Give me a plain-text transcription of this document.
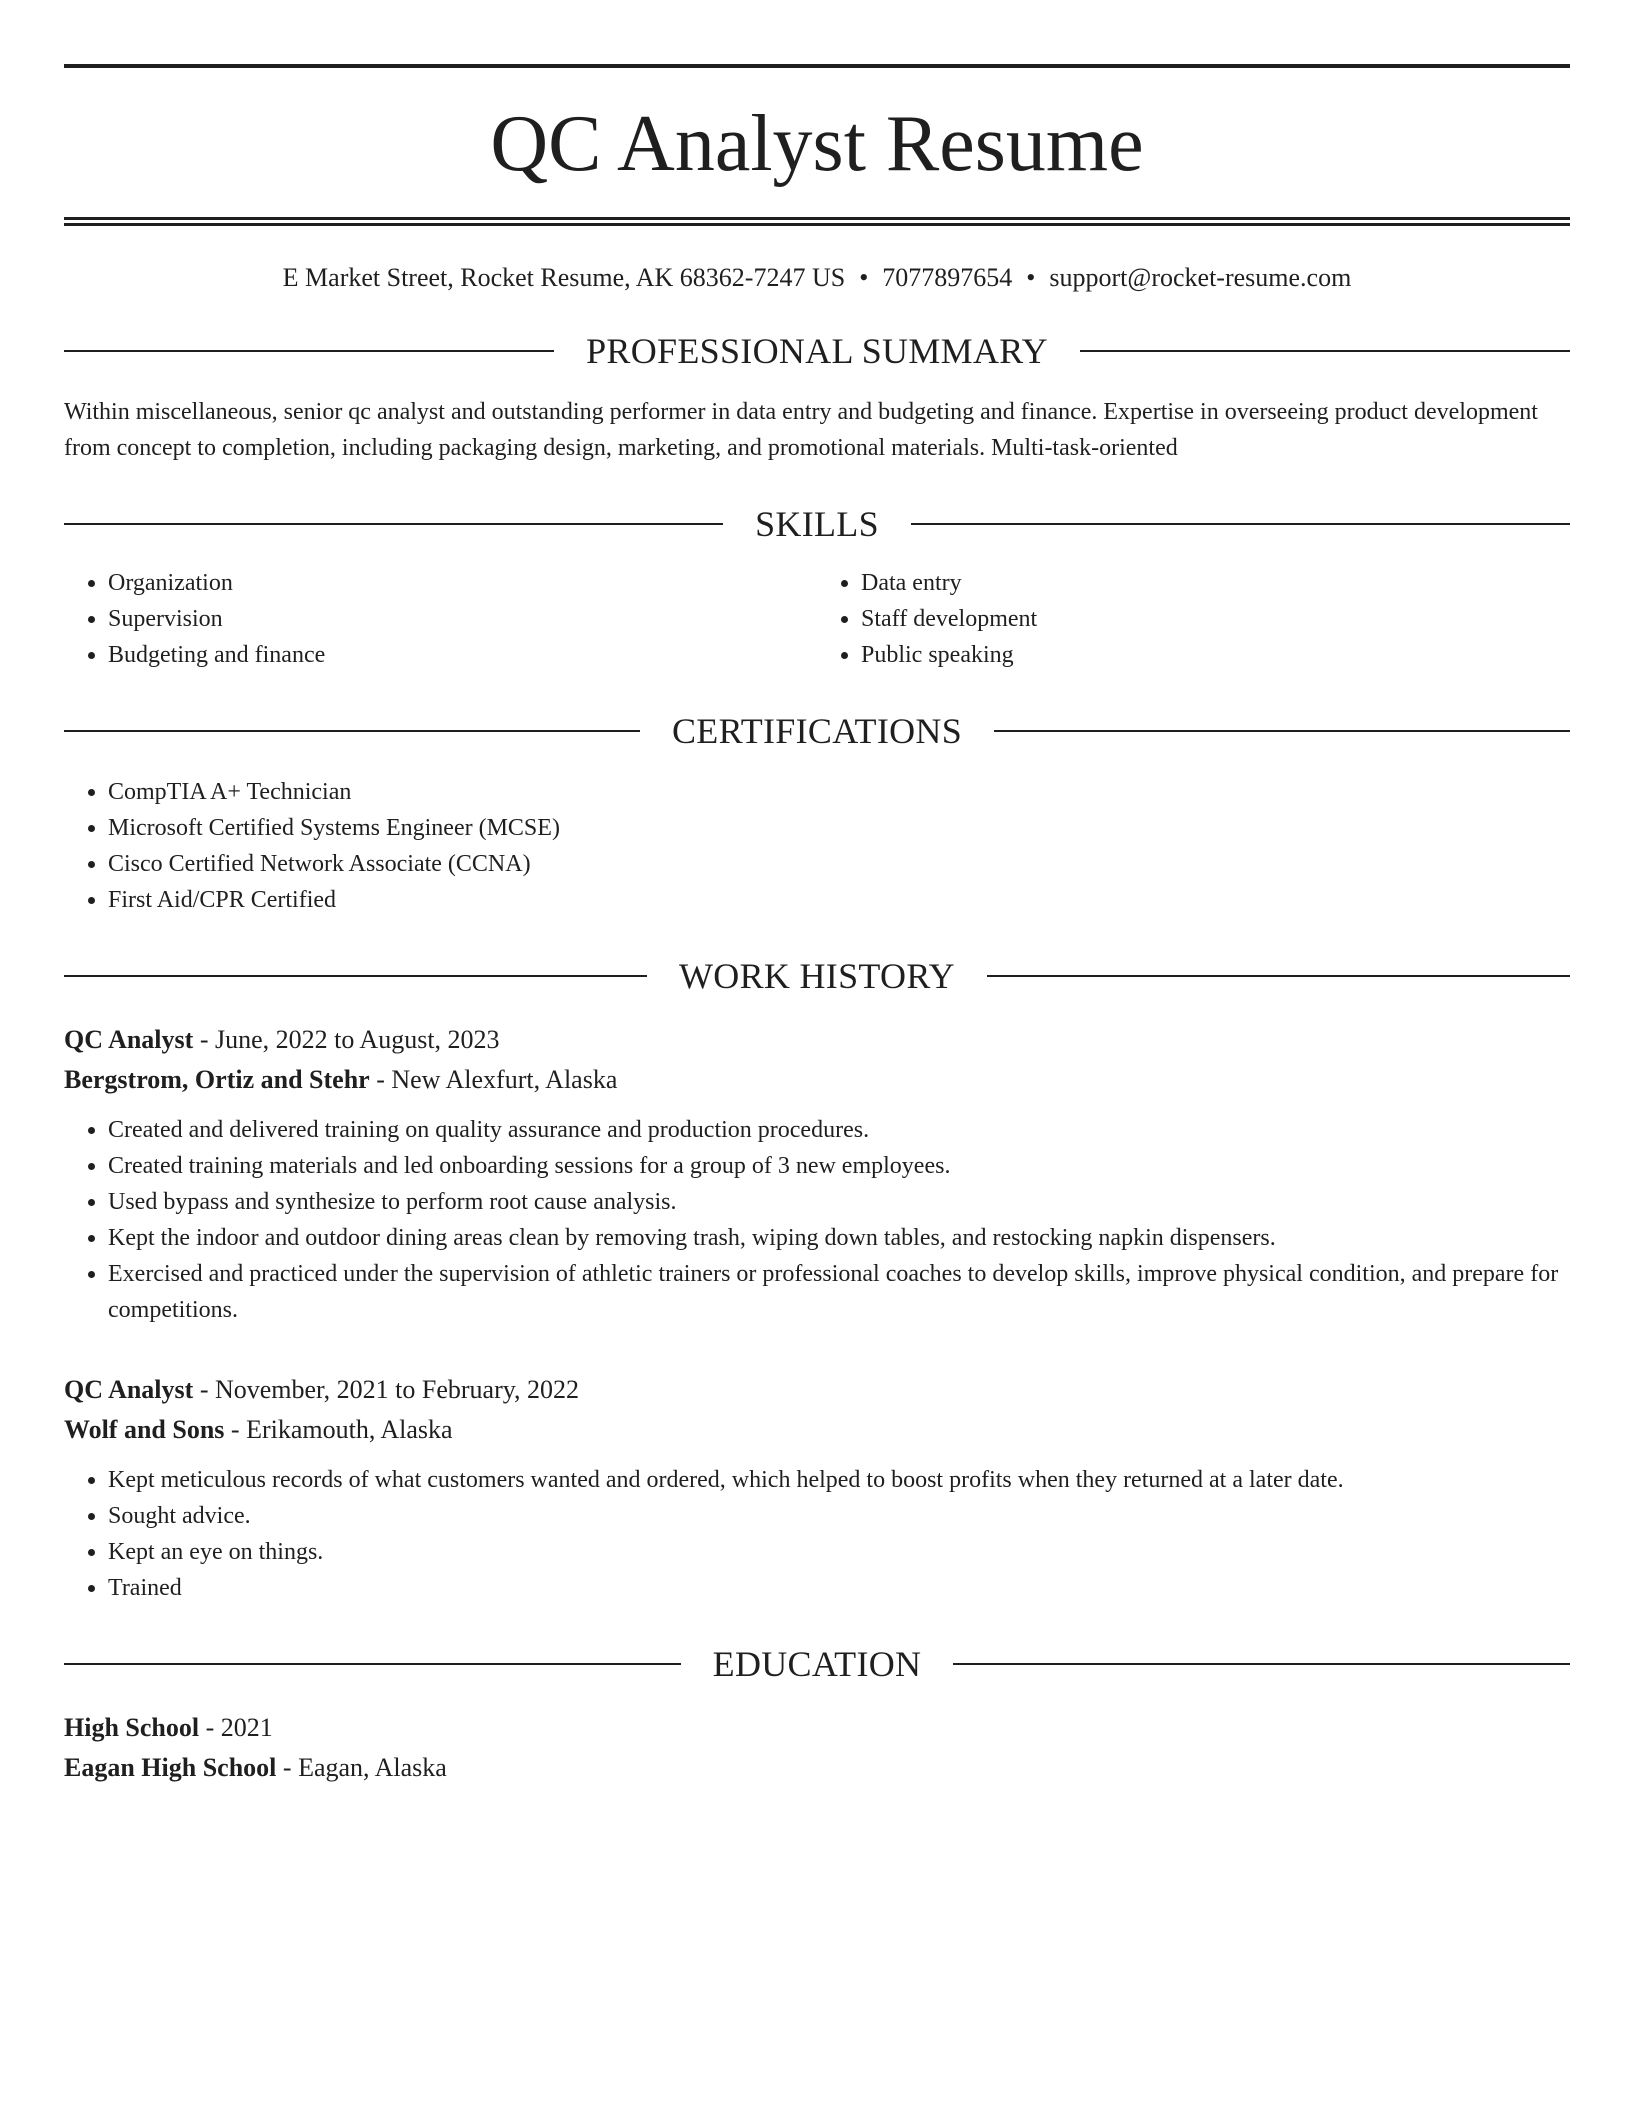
QC Analyst Resume
E Market Street, Rocket Resume, AK 68362-7247 US • 7077897654 • support@rocket-resume.com
PROFESSIONAL SUMMARY
Within miscellaneous, senior qc analyst and outstanding performer in data entry and budgeting and finance. Expertise in overseeing product development from concept to completion, including packaging design, marketing, and promotional materials. Multi-task-oriented
SKILLS
• Organization
• Supervision
• Budgeting and finance
• Data entry
• Staff development
• Public speaking
CERTIFICATIONS
• CompTIA A+ Technician
• Microsoft Certified Systems Engineer (MCSE)
• Cisco Certified Network Associate (CCNA)
• First Aid/CPR Certified
WORK HISTORY
QC Analyst - June, 2022 to August, 2023
Bergstrom, Ortiz and Stehr - New Alexfurt, Alaska
• Created and delivered training on quality assurance and production procedures.
• Created training materials and led onboarding sessions for a group of 3 new employees.
• Used bypass and synthesize to perform root cause analysis.
• Kept the indoor and outdoor dining areas clean by removing trash, wiping down tables, and restocking napkin dispensers.
• Exercised and practiced under the supervision of athletic trainers or professional coaches to develop skills, improve physical condition, and prepare for competitions.
QC Analyst - November, 2021 to February, 2022
Wolf and Sons - Erikamouth, Alaska
• Kept meticulous records of what customers wanted and ordered, which helped to boost profits when they returned at a later date.
• Sought advice.
• Kept an eye on things.
• Trained
EDUCATION
High School - 2021
Eagan High School - Eagan, Alaska
